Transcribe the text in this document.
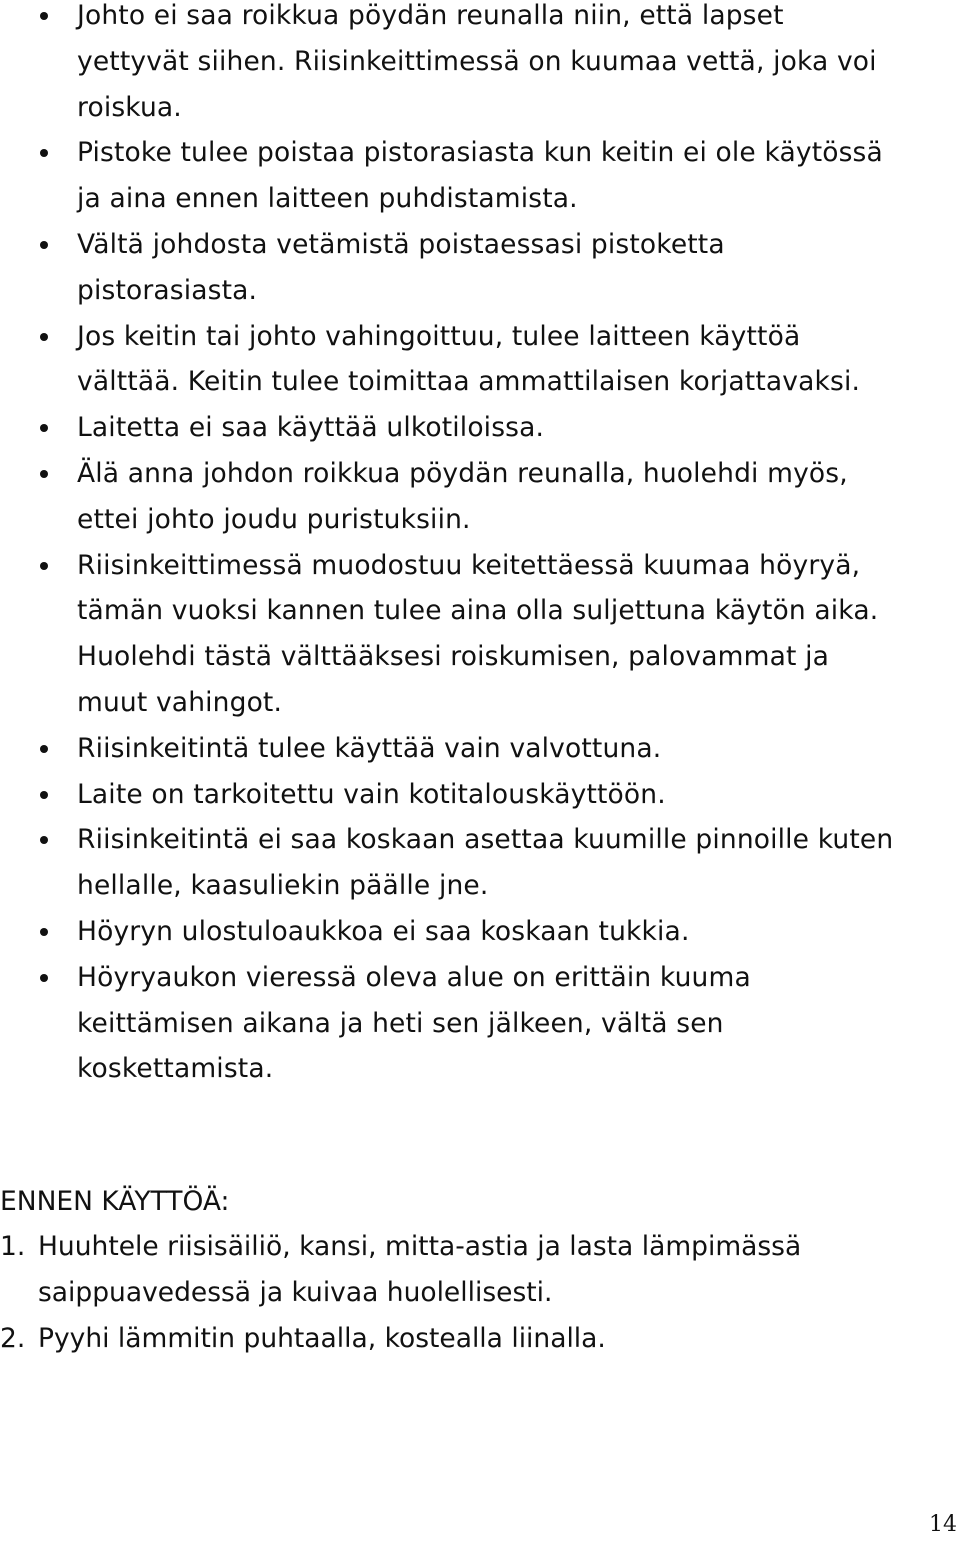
Johto ei saa roikkua pöydän reunalla niin, että lapset
yettyvät siihen. Riisinkeittimessä on kuumaa vettä, joka voi
roiskua.
Pistoke tulee poistaa pistorasiasta kun keitin ei ole käytössä
ja aina ennen laitteen puhdistamista.
Vältä johdosta vetämistä poistaessasi pistoketta
pistorasiasta.
Jos keitin tai johto vahingoittuu, tulee laitteen käyttöä
välttää. Keitin tulee toimittaa ammattilaisen korjattavaksi.
Laitetta ei saa käyttää ulkotiloissa.
Älä anna johdon roikkua pöydän reunalla, huolehdi myös,
ettei johto joudu puristuksiin.
Riisinkeittimessä muodostuu keitettäessä kuumaa höyryä,
tämän vuoksi kannen tulee aina olla suljettuna käytön aika.
Huolehdi tästä välttääksesi roiskumisen, palovammat ja
muut vahingot.
Riisinkeitintä tulee käyttää vain valvottuna.
Laite on tarkoitettu vain kotitalouskäyttöön.
Riisinkeitintä ei saa koskaan asettaa kuumille pinnoille kuten
hellalle, kaasuliekin päälle jne.
Höyryn ulostuloaukkoa ei saa koskaan tukkia.
Höyryaukon vieressä oleva alue on erittäin kuuma
keittämisen aikana ja heti sen jälkeen, vältä sen
koskettamista.
ENNEN KÄYTTÖÄ:
1. Huuhtele riisisäiliö, kansi, mitta-astia ja lasta lämpimässä
saippuavedessä ja kuivaa huolellisesti.
2. Pyyhi lämmitin puhtaalla, kostealla liinalla.
14
